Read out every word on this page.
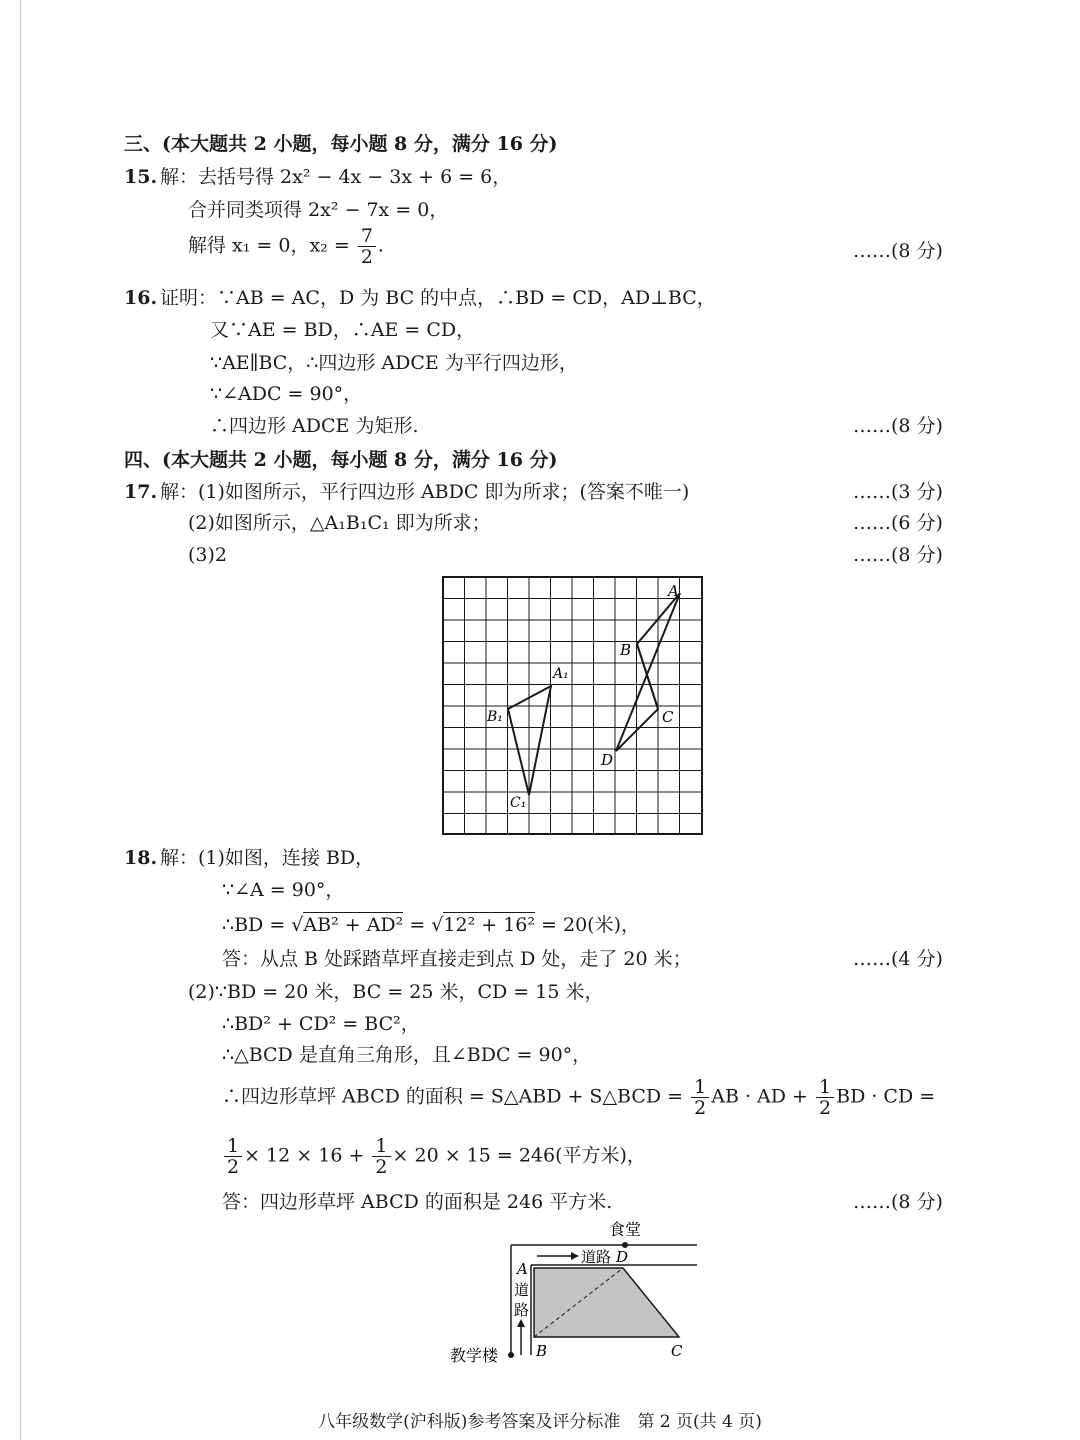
三、(本大题共 2 小题，每小题 8 分，满分 16 分)
15. 解：去括号得 2x² − 4x − 3x + 6 = 6，
合并同类项得 2x² − 7x = 0，
解得 x₁ = 0，$x_2 = \frac{7}{2}$ .	……(8 分)
16. 证明：∵AB = AC，D 为 BC 的中点，∴BD = CD，AD⊥BC，
又∵AE = BD，∴AE = CD，
∵AE∥BC，∴四边形 ADCE 为平行四边形，
∵∠ADC = 90°，
∴四边形 ADCE 为矩形.	……(8 分)
四、(本大题共 2 小题，每小题 8 分，满分 16 分)
17. 解：(1)如图所示，平行四边形 ABDC 即为所求；(答案不唯一)	……(3 分)
(2)如图所示，△A₁B₁C₁ 即为所求；	……(6 分)
(3)2	……(8 分)
A
B
C
D
A₁
B₁
C₁
18. 解：(1)如图，连接 BD，
∵∠A = 90°，
∴BD = √AB² + AD² = √12² + 16² = 20(米)，
答：从点 B 处踩踏草坪直接走到点 D 处，走了 20 米；	……(4 分)
(2)∵BD = 20 米，BC = 25 米，CD = 15 米，
∴BD² + CD² = BC²，
∴△BCD 是直角三角形，且∠BDC = 90°，
∴四边形草坪 ABCD 的面积 = S△ABD + S△BCD = $\frac{1}{2}$ AB · AD + $\frac{1}{2}$ BD · CD =
$\frac{1}{2} \times 12 \times 16 + \frac{1}{2} \times 20 \times 15 = 246$(平方米)，
答：四边形草坪 ABCD 的面积是 246 平方米.	……(8 分)
食堂
道路 D
A
道
路
教学楼	B	C
八年级数学(沪科版)参考答案及评分标准　第 2 页(共 4 页)
